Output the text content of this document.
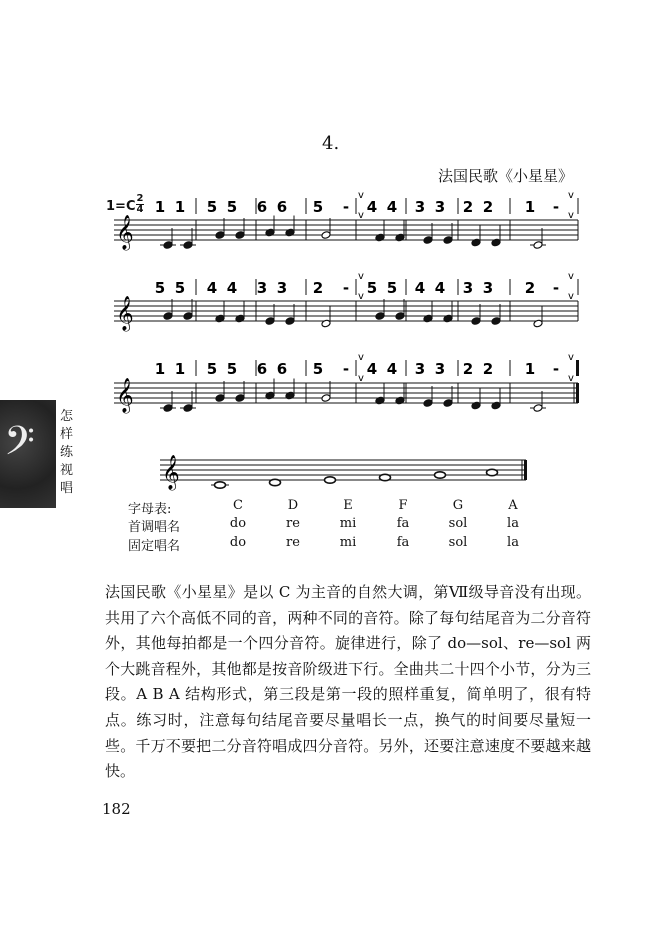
4.
法国民歌《小星星》
1=C
2
4
𝄞
1 1 5 5 6 6 5 - 4 4 3 3 2 2 1 -
v
v
v
v
𝄞
5 5 4 4 3 3 2 - 5 5 4 4 3 3 2 -
v
v
v
v
𝄞
1 1 5 5 6 6 5 - 4 4 3 3 2 2 1 -
v
v
v
v
𝄞
𝄢
怎
样
练
视
唱
字母表:	C	D	E	F	G	A
首调唱名	do	re	mi	fa	sol	la
固定唱名	do	re	mi	fa	sol	la
法国民歌《小星星》是以 C 为主音的自然大调，第Ⅶ级导音没有出现。共用了六个高低不同的音，两种不同的音符。除了每句结尾音为二分音符外，其他每拍都是一个四分音符。旋律进行，除了 do—sol、re—sol 两个大跳音程外，其他都是按音阶级进下行。全曲共二十四个小节，分为三段。A B A 结构形式，第三段是第一段的照样重复，简单明了，很有特点。练习时，注意每句结尾音要尽量唱长一点，换气的时间要尽量短一些。千万不要把二分音符唱成四分音符。另外，还要注意速度不要越来越快。
182
